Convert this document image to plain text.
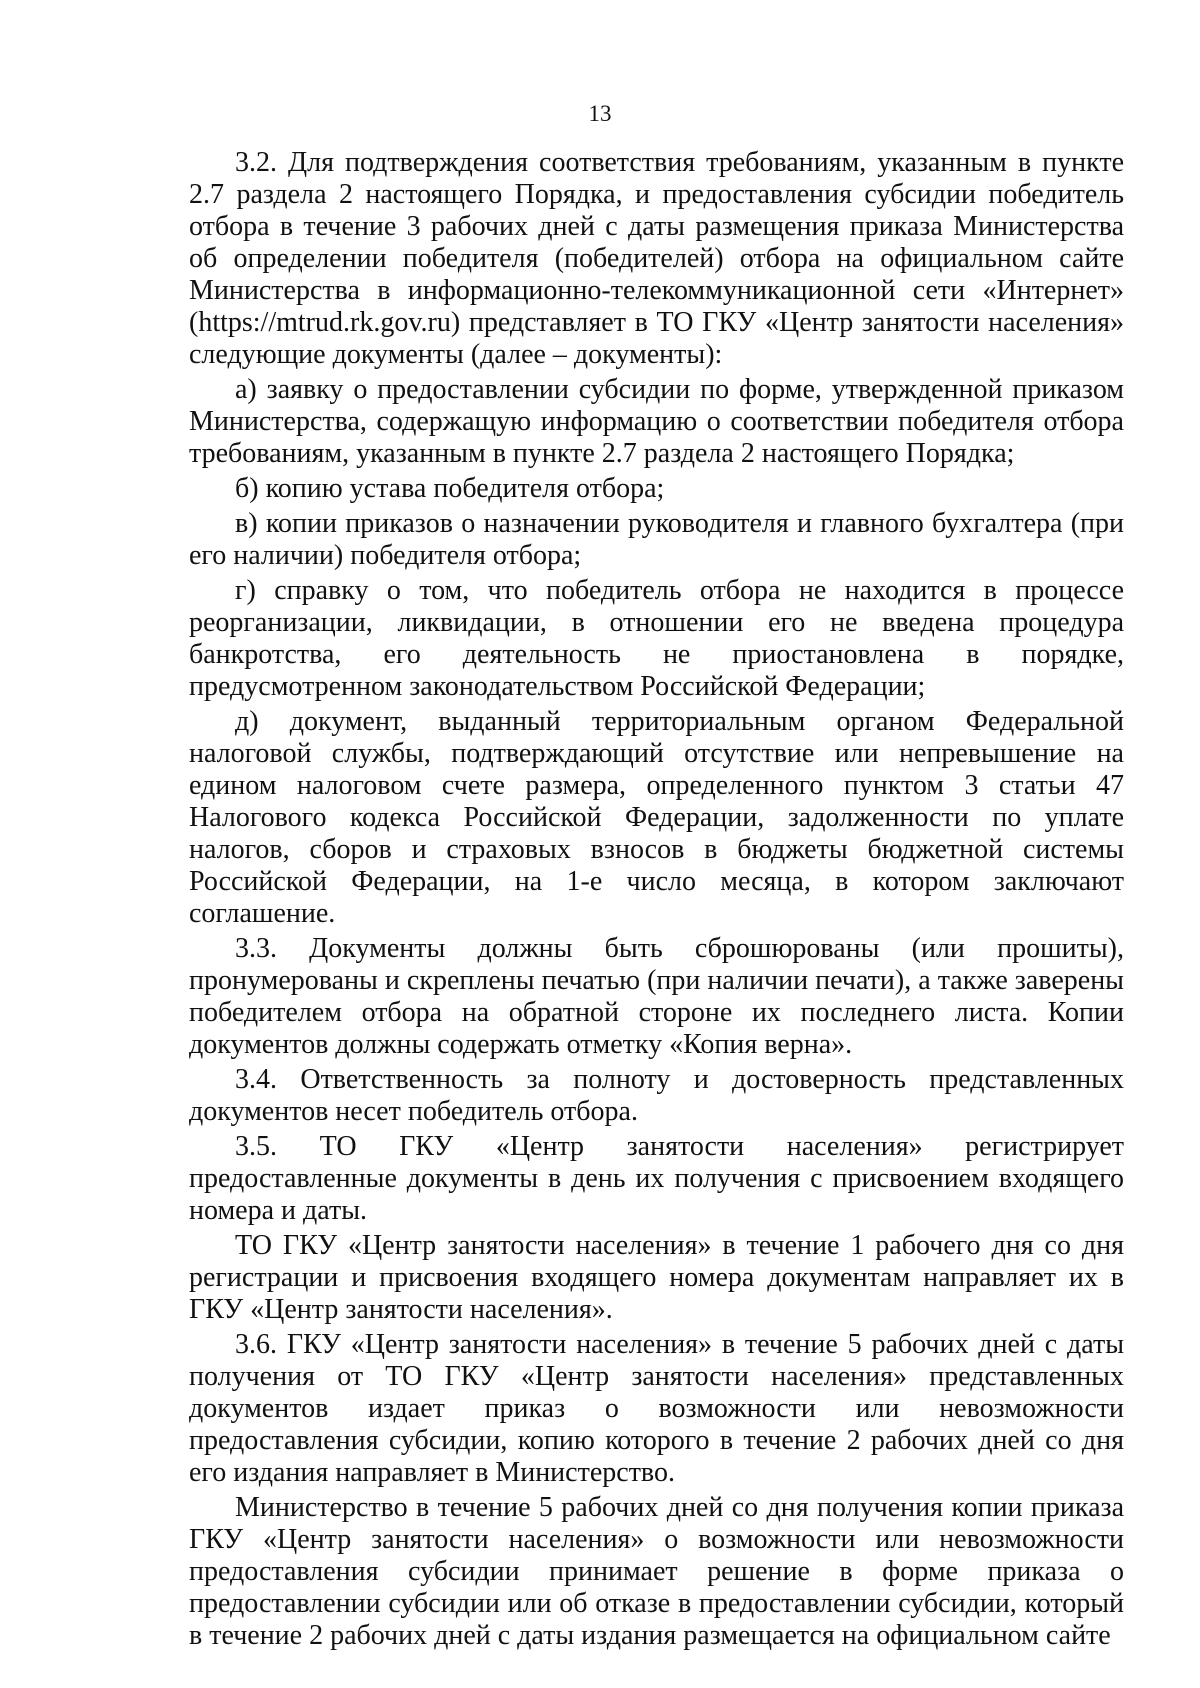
13

3.2. Для подтверждения соответствия требованиям, указанным в пункте 2.7 раздела 2 настоящего Порядка, и предоставления субсидии победитель отбора в течение 3 рабочих дней с даты размещения приказа Министерства об определении победителя (победителей) отбора на официальном сайте Министерства в информационно-телекоммуникационной сети «Интернет» (https://mtrud.rk.gov.ru) представляет в ТО ГКУ «Центр занятости населения» следующие документы (далее – документы):

а) заявку о предоставлении субсидии по форме, утвержденной приказом Министерства, содержащую информацию о соответствии победителя отбора требованиям, указанным в пункте 2.7 раздела 2 настоящего Порядка;

б) копию устава победителя отбора;

в) копии приказов о назначении руководителя и главного бухгалтера (при его наличии) победителя отбора;

г) справку о том, что победитель отбора не находится в процессе реорганизации, ликвидации, в отношении его не введена процедура банкротства, его деятельность не приостановлена в порядке, предусмотренном законодательством Российской Федерации;

д) документ, выданный территориальным органом Федеральной налоговой службы, подтверждающий отсутствие или непревышение на едином налоговом счете размера, определенного пунктом 3 статьи 47 Налогового кодекса Российской Федерации, задолженности по уплате налогов, сборов и страховых взносов в бюджеты бюджетной системы Российской Федерации, на 1-е число месяца, в котором заключают соглашение.

3.3. Документы должны быть сброшюрованы (или прошиты), пронумерованы и скреплены печатью (при наличии печати), а также заверены победителем отбора на обратной стороне их последнего листа. Копии документов должны содержать отметку «Копия верна».

3.4. Ответственность за полноту и достоверность представленных документов несет победитель отбора.

3.5. ТО ГКУ «Центр занятости населения» регистрирует предоставленные документы в день их получения с присвоением входящего номера и даты.

ТО ГКУ «Центр занятости населения» в течение 1 рабочего дня со дня регистрации и присвоения входящего номера документам направляет их в ГКУ «Центр занятости населения».

3.6. ГКУ «Центр занятости населения» в течение 5 рабочих дней с даты получения от ТО ГКУ «Центр занятости населения» представленных документов издает приказ о возможности или невозможности предоставления субсидии, копию которого в течение 2 рабочих дней со дня его издания направляет в Министерство.

Министерство в течение 5 рабочих дней со дня получения копии приказа ГКУ «Центр занятости населения» о возможности или невозможности предоставления субсидии принимает решение в форме приказа о предоставлении субсидии или об отказе в предоставлении субсидии, который в течение 2 рабочих дней с даты издания размещается на официальном сайте
